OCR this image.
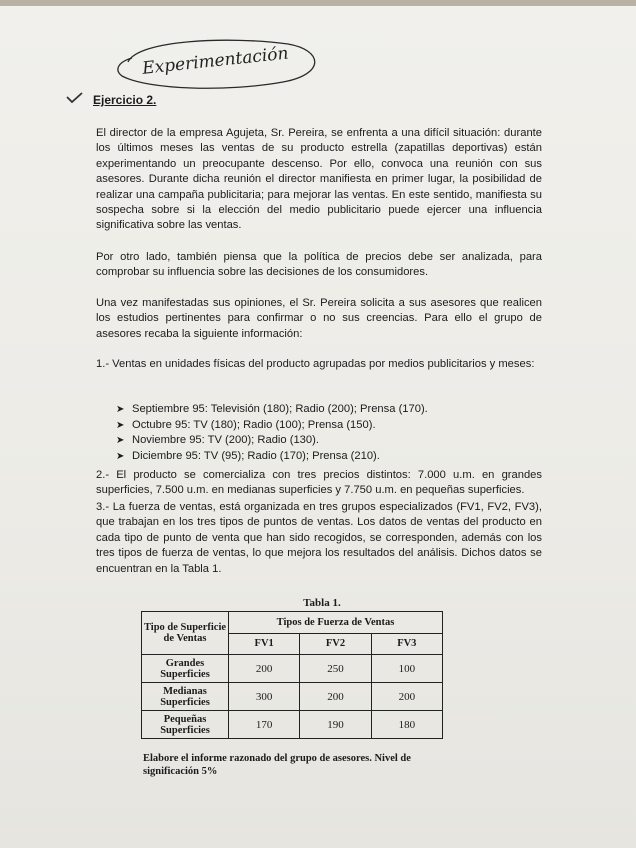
Experimentación
Ejercicio 2.

El director de la empresa Agujeta, Sr. Pereira, se enfrenta a una difícil situación: durante los últimos meses las ventas de su producto estrella (zapatillas deportivas) están experimentando un preocupante descenso. Por ello, convoca una reunión con sus asesores. Durante dicha reunión el director manifiesta en primer lugar, la posibilidad de realizar una campaña publicitaria; para mejorar las ventas. En este sentido, manifiesta su sospecha sobre si la elección del medio publicitario puede ejercer una influencia significativa sobre las ventas.

Por otro lado, también piensa que la política de precios debe ser analizada, para comprobar su influencia sobre las decisiones de los consumidores.

Una vez manifestadas sus opiniones, el Sr. Pereira solicita a sus asesores que realicen los estudios pertinentes para confirmar o no sus creencias. Para ello el grupo de asesores recaba la siguiente información:

1.- Ventas en unidades físicas del producto agrupadas por medios publicitarios y meses:

➤ Septiembre 95: Televisión (180); Radio (200); Prensa (170).
➤ Octubre 95: TV (180); Radio (100); Prensa (150).
➤ Noviembre 95: TV (200); Radio (130).
➤ Diciembre 95: TV (95); Radio (170); Prensa (210).

2.- El producto se comercializa con tres precios distintos: 7.000 u.m. en grandes superficies, 7.500 u.m. en medianas superficies y 7.750 u.m. en pequeñas superficies.

3.- La fuerza de ventas, está organizada en tres grupos especializados (FV1, FV2, FV3), que trabajan en los tres tipos de puntos de ventas. Los datos de ventas del producto en cada tipo de punto de venta que han sido recogidos, se corresponden, además con los tres tipos de fuerza de ventas, lo que mejora los resultados del análisis. Dichos datos se encuentran en la Tabla 1.

Tabla 1.
Tipo de Superficie de Ventas	Tipos de Fuerza de Ventas		
	FV1	FV2	FV3
Grandes Superficies	200	250	100
Medianas Superficies	300	200	200
Pequeñas Superficies	170	190	180

Elabore el informe razonado del grupo de asesores. Nivel de significación 5%
